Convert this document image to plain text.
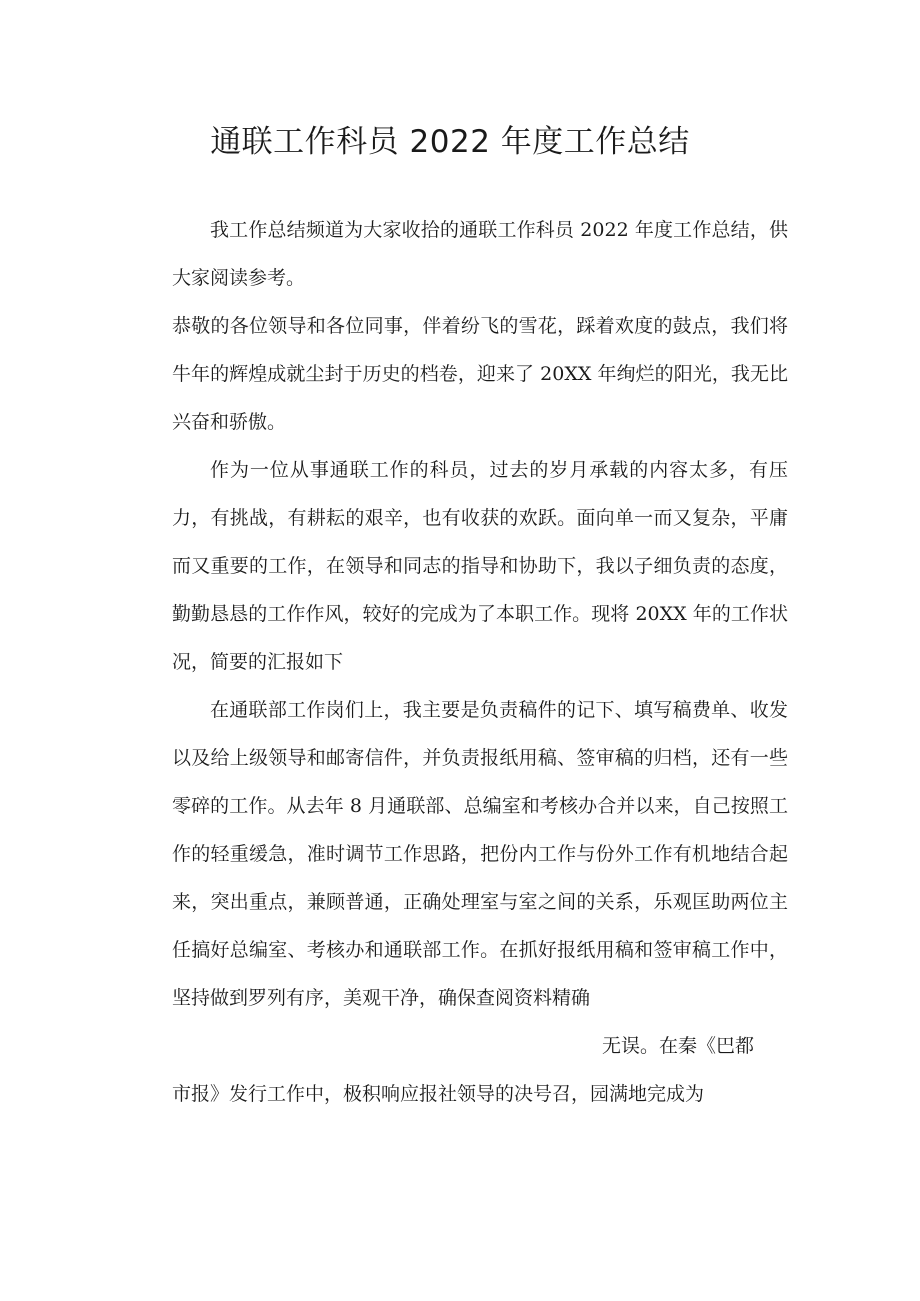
通联工作科员 2022 年度工作总结

我工作总结频道为大家收拾的通联工作科员 2022 年度工作总结，供大家阅读参考。

恭敬的各位领导和各位同事，伴着纷飞的雪花，踩着欢度的鼓点，我们将牛年的辉煌成就尘封于历史的档卷，迎来了 20XX 年绚烂的阳光，我无比兴奋和骄傲。

作为一位从事通联工作的科员，过去的岁月承载的内容太多，有压力，有挑战，有耕耘的艰辛，也有收获的欢跃。面向单一而又复杂，平庸而又重要的工作，在领导和同志的指导和协助下，我以子细负责的态度，勤勤恳恳的工作作风，较好的完成为了本职工作。现将 20XX 年的工作状况，简要的汇报如下

在通联部工作岗们上，我主要是负责稿件的记下、填写稿费单、收发以及给上级领导和邮寄信件，并负责报纸用稿、签审稿的归档，还有一些零碎的工作。从去年 8 月通联部、总编室和考核办合并以来，自己按照工作的轻重缓急，准时调节工作思路，把份内工作与份外工作有机地结合起来，突出重点，兼顾普通，正确处理室与室之间的关系，乐观匡助两位主任搞好总编室、考核办和通联部工作。在抓好报纸用稿和签审稿工作中，坚持做到罗列有序，美观干净，确保查阅资料精确

无误。在秦《巴都

市报》发行工作中，极积响应报社领导的决号召，园满地完成为
